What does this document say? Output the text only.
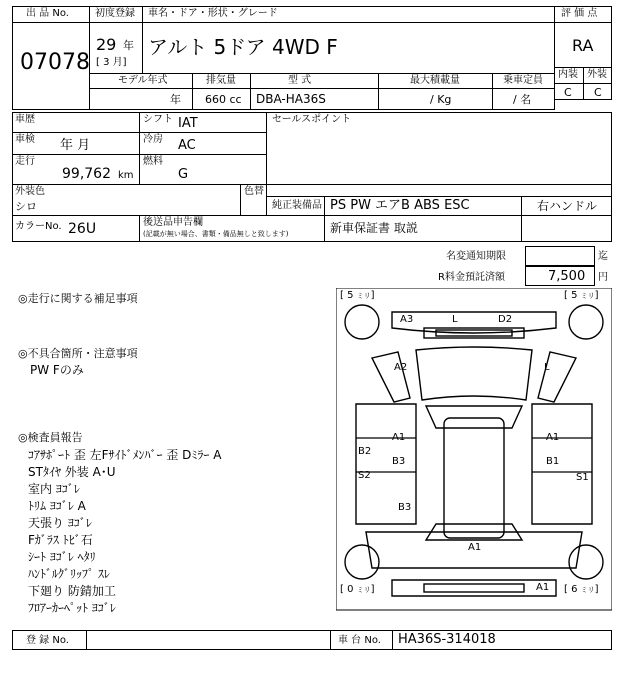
出 品 No.
07078
初度登録 車名・ドア・形状・グレード
29 年
[ 3 月]
アルト 5ドア 4WD F
評 価 点
RA
内装 外装
C C
モデル年式	排気量	型 式	最大積載量	乗車定員
年 660 cc DBA-HA36S	/ Kg	/ 名
車歴	シフト IAT
車検 年 月	冷房 AC
走行
99,762 km
燃料
G
セールスポイント
外装色
シロ
色替
純正装備品 PS PW エアB ABS ESC	右ハンドル
カラーNo. 26U	後送品申告欄
(記載が無い場合、書類・備品無しと致します)	新車保証書 取説
名変通知期限	迄
R料金預託済額	7,500 円
◎走行に関する補足事項
◎不具合箇所・注意事項
PW Fのみ
◎検査員報告
ｺｱｻﾎﾟｰﾄ 歪 左Fｻｲﾄﾞﾒﾝﾊﾞｰ 歪 Dﾐﾗｰ A
STﾀｲﾔ 外装 A･U
室内 ﾖｺﾞﾚ
ﾄﾘﾑ ﾖｺﾞﾚ A
天張り ﾖｺﾞﾚ
Fｶﾞﾗｽ ﾄﾋﾞ石
ｼｰﾄ ﾖｺﾞﾚ ﾍﾀﾘ
ﾊﾝﾄﾞﾙｸﾞﾘｯﾌﾟ ｽﾚ
下廻り 防錆加工
ﾌﾛｱｰｶｰﾍﾟｯﾄ ﾖｺﾞﾚ
[ 5 ミリ]	[ 5 ミリ]
[ 0 ミリ]	[ 6 ミリ]
A3	L	D2
A2	L
A1	A1
B2
B3	B1
S2	S1
B3
A1
A1
登 録 No.	車 台 No. HA36S-314018
